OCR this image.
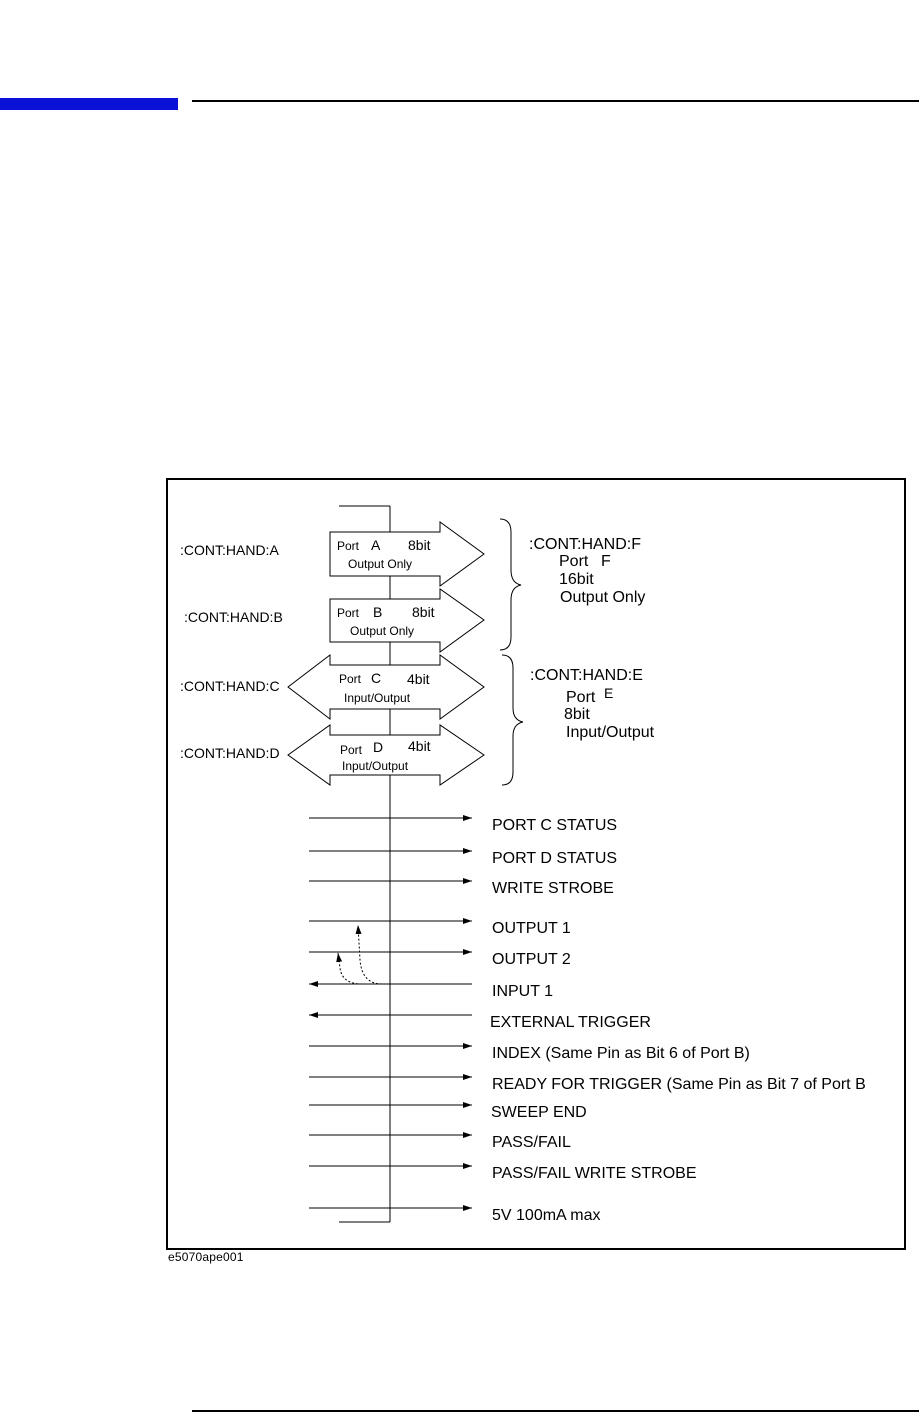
:CONT:HAND:A	Port A 8bit
Output Only
:CONT:HAND:B	Port B 8bit
Output Only
:CONT:HAND:C	Port C 4bit
Input/Output
:CONT:HAND:D	Port D 4bit
Input/Output
:CONT:HAND:F
Port F
16bit
Output Only
:CONT:HAND:E
Port E
8bit
Input/Output
PORT C STATUS
PORT D STATUS
WRITE STROBE
OUTPUT 1
OUTPUT 2
INPUT 1
EXTERNAL TRIGGER
INDEX (Same Pin as Bit 6 of Port B)
READY FOR TRIGGER (Same Pin as Bit 7 of Port B
SWEEP END
PASS/FAIL
PASS/FAIL WRITE STROBE
5V 100mA max
e5070ape001
